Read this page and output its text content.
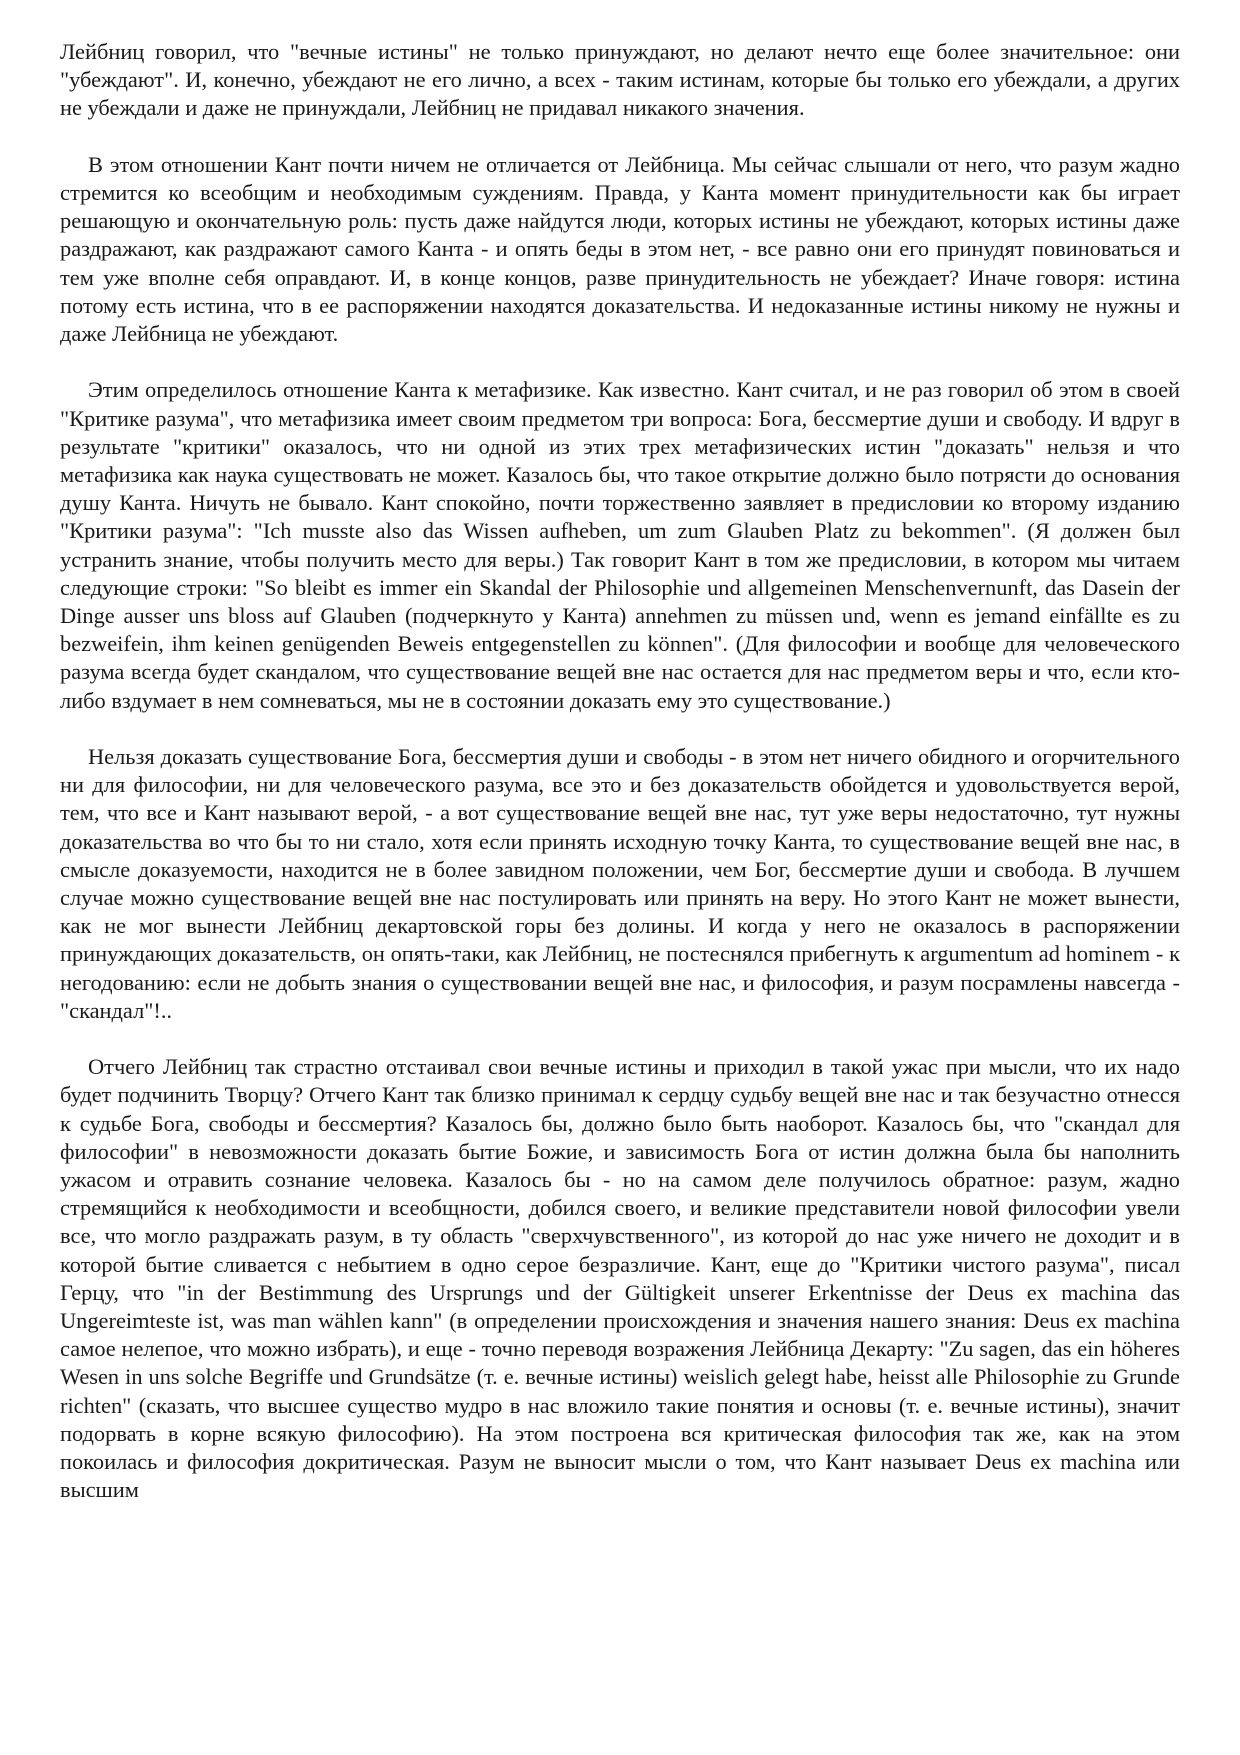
Лейбниц говорил, что "вечные истины" не только принуждают, но делают нечто еще более значительное: они "убеждают". И, конечно, убеждают не его лично, а всех - таким истинам, которые бы только его убеждали, а других не убеждали и даже не принуждали, Лейбниц не придавал никакого значения.

В этом отношении Кант почти ничем не отличается от Лейбница. Мы сейчас слышали от него, что разум жадно стремится ко всеобщим и необходимым суждениям. Правда, у Канта момент принудительности как бы играет решающую и окончательную роль: пусть даже найдутся люди, которых истины не убеждают, которых истины даже раздражают, как раздражают самого Канта - и опять беды в этом нет, - все равно они его принудят повиноваться и тем уже вполне себя оправдают. И, в конце концов, разве принудительность не убеждает? Иначе говоря: истина потому есть истина, что в ее распоряжении находятся доказательства. И недоказанные истины никому не нужны и даже Лейбница не убеждают.

Этим определилось отношение Канта к метафизике. Как известно. Кант считал, и не раз говорил об этом в своей "Критике разума", что метафизика имеет своим предметом три вопроса: Бога, бессмертие души и свободу. И вдруг в результате "критики" оказалось, что ни одной из этих трех метафизических истин "доказать" нельзя и что метафизика как наука существовать не может. Казалось бы, что такое открытие должно было потрясти до основания душу Канта. Ничуть не бывало. Кант спокойно, почти торжественно заявляет в предисловии ко второму изданию "Критики разума": "Ich musste also das Wissen aufheben, um zum Glauben Platz zu bekommen". (Я должен был устранить знание, чтобы получить место для веры.) Так говорит Кант в том же предисловии, в котором мы читаем следующие строки: "So bleibt es immer ein Skandal der Philosophie und allgemeinen Menschenvernunft, das Dasein der Dinge ausser uns bloss auf Glauben (подчеркнуто у Канта) annehmen zu müssen und, wenn es jemand einfällte es zu bezweifein, ihm keinen genügenden Beweis entgegenstellen zu können". (Для философии и вообще для человеческого разума всегда будет скандалом, что существование вещей вне нас остается для нас предметом веры и что, если кто-либо вздумает в нем сомневаться, мы не в состоянии доказать ему это существование.)

Нельзя доказать существование Бога, бессмертия души и свободы - в этом нет ничего обидного и огорчительного ни для философии, ни для человеческого разума, все это и без доказательств обойдется и удовольствуется верой, тем, что все и Кант называют верой, - а вот существование вещей вне нас, тут уже веры недостаточно, тут нужны доказательства во что бы то ни стало, хотя если принять исходную точку Канта, то существование вещей вне нас, в смысле доказуемости, находится не в более завидном положении, чем Бог, бессмертие души и свобода. В лучшем случае можно существование вещей вне нас постулировать или принять на веру. Но этого Кант не может вынести, как не мог вынести Лейбниц декартовской горы без долины. И когда у него не оказалось в распоряжении принуждающих доказательств, он опять-таки, как Лейбниц, не постеснялся прибегнуть к argumentum ad hominem - к негодованию: если не добыть знания о существовании вещей вне нас, и философия, и разум посрамлены навсегда - "скандал"!..

Отчего Лейбниц так страстно отстаивал свои вечные истины и приходил в такой ужас при мысли, что их надо будет подчинить Творцу? Отчего Кант так близко принимал к сердцу судьбу вещей вне нас и так безучастно отнесся к судьбе Бога, свободы и бессмертия? Казалось бы, должно было быть наоборот. Казалось бы, что "скандал для философии" в невозможности доказать бытие Божие, и зависимость Бога от истин должна была бы наполнить ужасом и отравить сознание человека. Казалось бы - но на самом деле получилось обратное: разум, жадно стремящийся к необходимости и всеобщности, добился своего, и великие представители новой философии увели все, что могло раздражать разум, в ту область "сверхчувственного", из которой до нас уже ничего не доходит и в которой бытие сливается с небытием в одно серое безразличие. Кант, еще до "Критики чистого разума", писал Герцу, что "in der Bestimmung des Ursprungs und der Gültigkeit unserer Erkentnisse der Deus ex machina das Ungereimteste ist, was man wählen kann" (в определении происхождения и значения нашего знания: Deus ex machina самое нелепое, что можно избрать), и еще - точно переводя возражения Лейбница Декарту: "Zu sagen, das ein höheres Wesen in uns solche Begriffe und Grundsätze (т. е. вечные истины) weislich gelegt habe, heisst alle Philosophie zu Grunde richten" (сказать, что высшее существо мудро в нас вложило такие понятия и основы (т. е. вечные истины), значит подорвать в корне всякую философию). На этом построена вся критическая философия так же, как на этом покоилась и философия докритическая. Разум не выносит мысли о том, что Кант называет Deus ex machina или высшим
